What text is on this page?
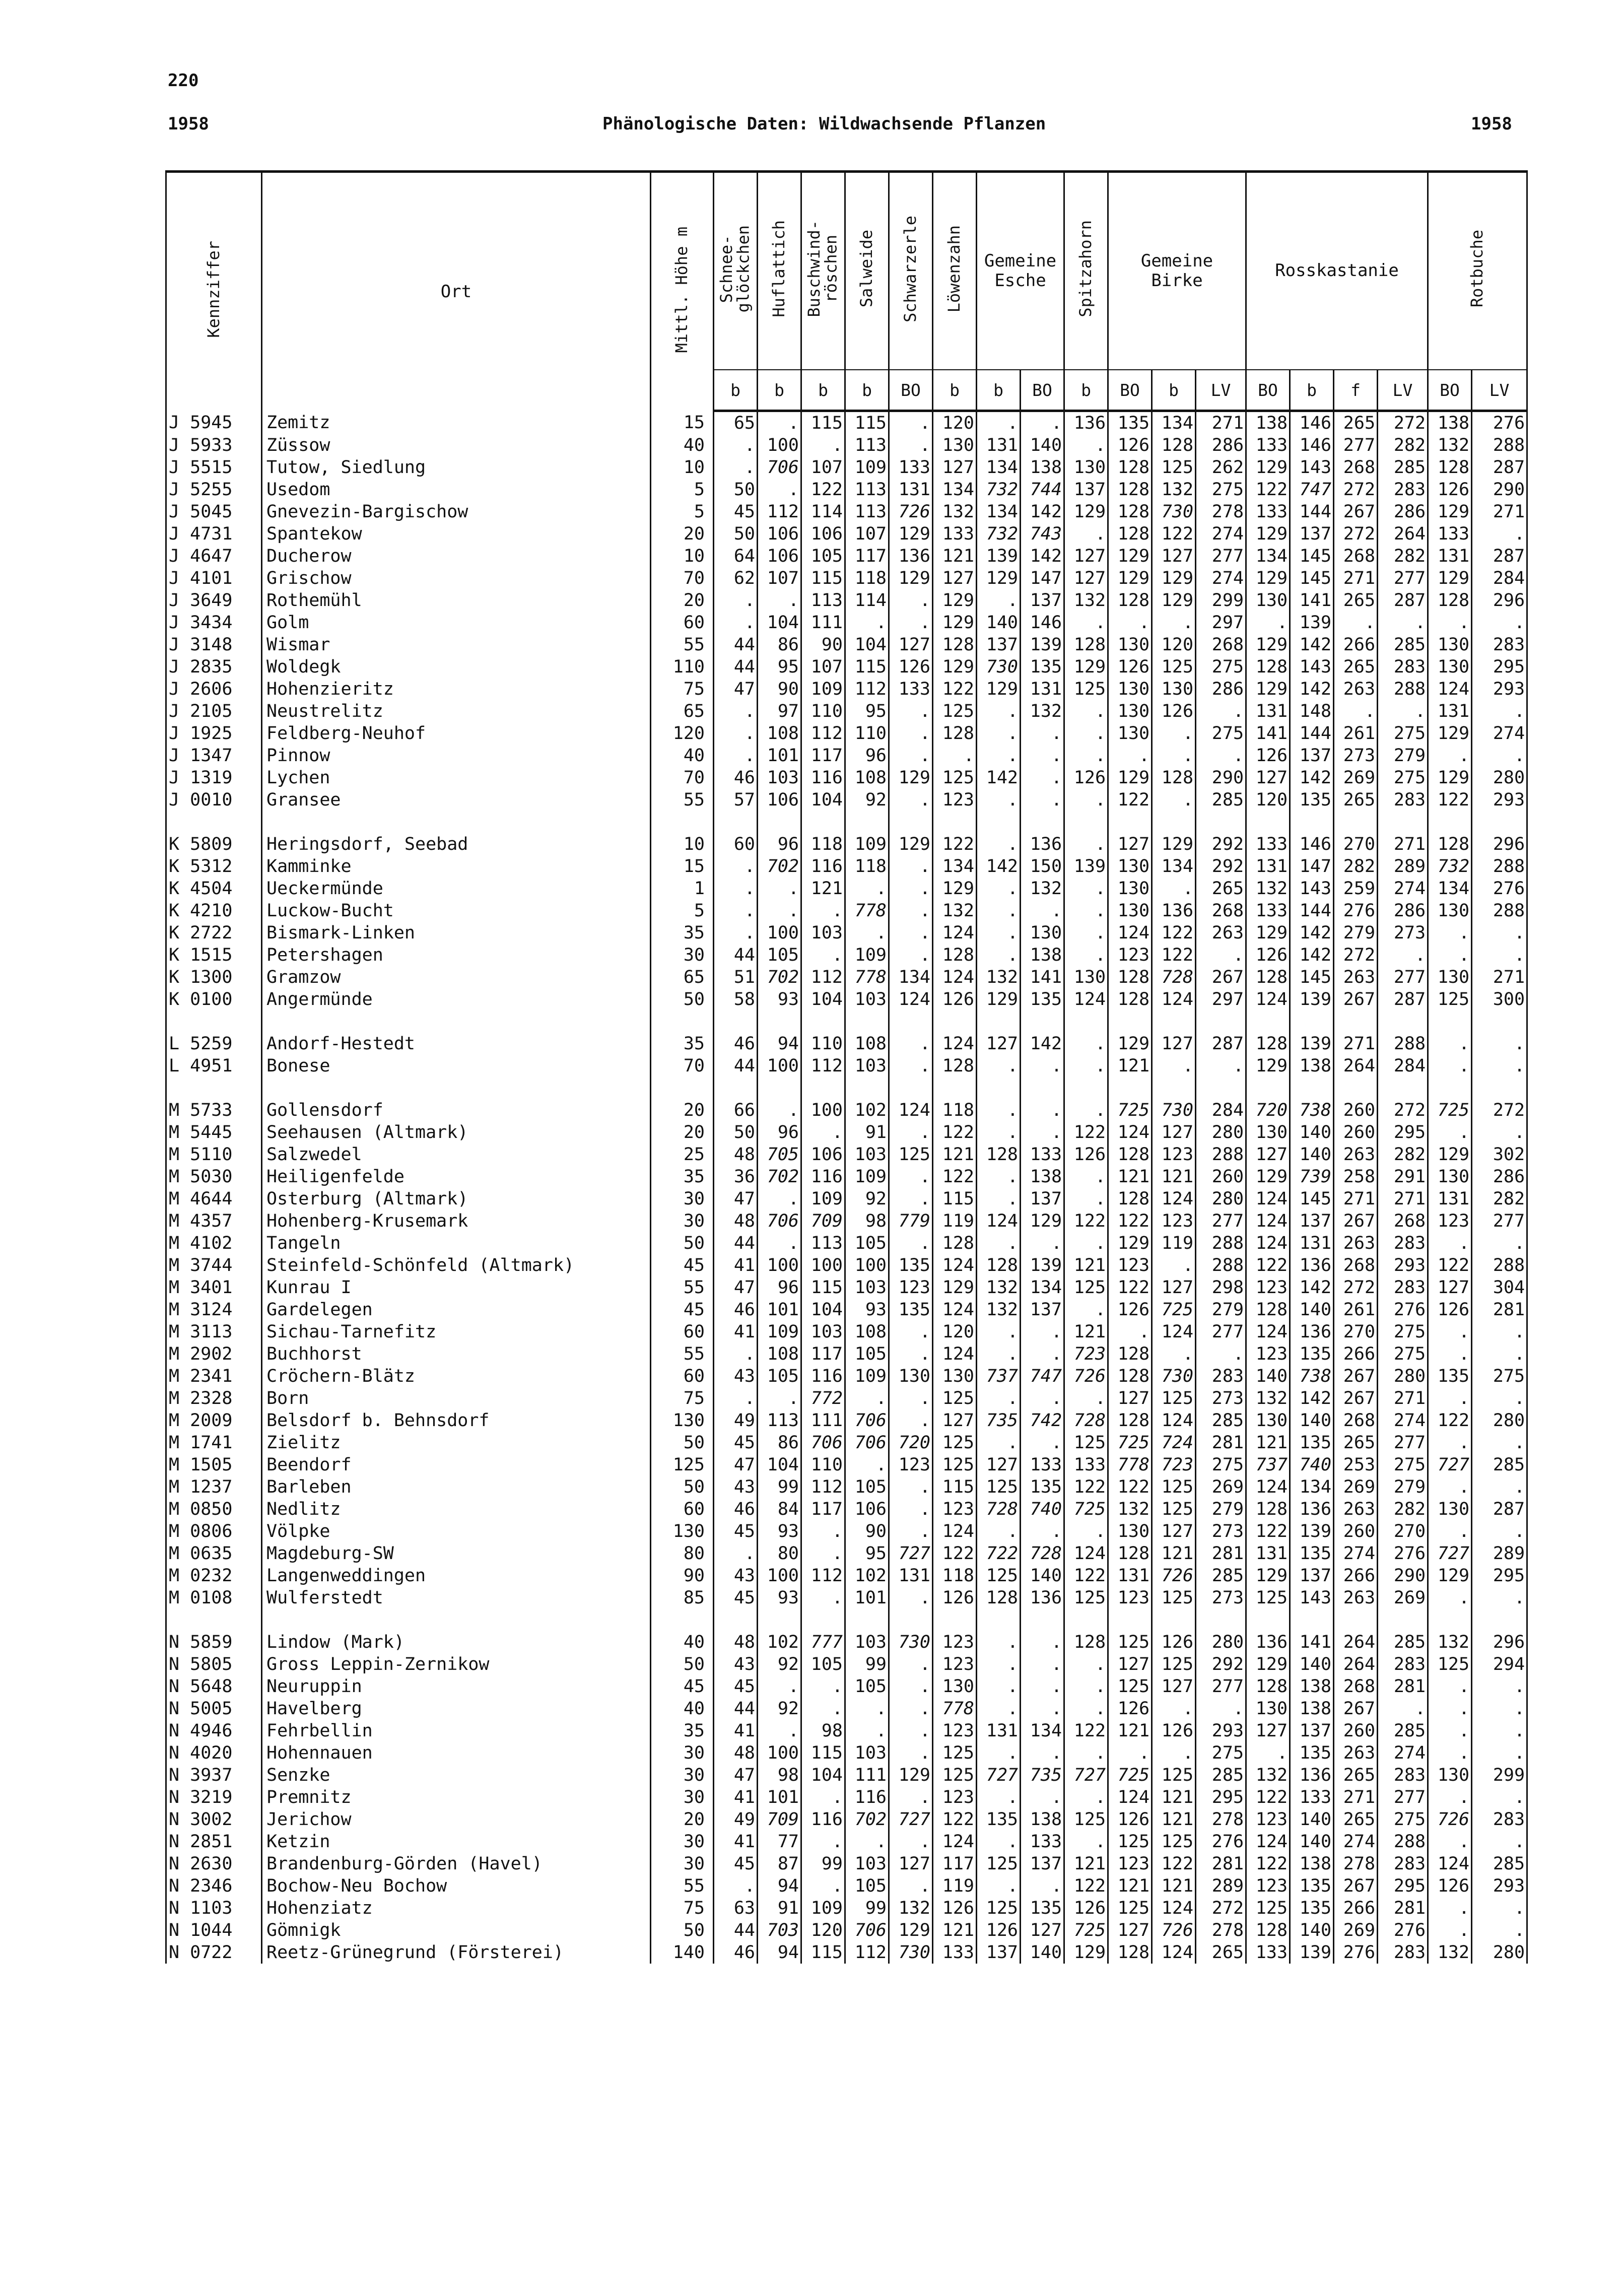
220
1958	Phänologische Daten: Wildwachsende Pflanzen	1958
Kennziffer	Ort	Mittl. Höhe m	Schnee-
glöckchen	Huflattich	Buschwind-
röschen	Salweide	Schwarzerle	Löwenzahn	Gemeine
Esche		Spitzahorn	Gemeine
Birke			Rosskastanie				Rotbuche	
			b	b	b	b	BO	b	b	BO	b	BO	b	LV	BO	b	f	LV	BO	LV
J 5945	Zemitz	15	65	.	115	115	.	120	.	.	136	135	134	271	138	146	265	272	138	276
J 5933	Züssow	40	.	100	.	113	.	130	131	140	.	126	128	286	133	146	277	282	132	288
J 5515	Tutow, Siedlung	10	.	706	107	109	133	127	134	138	130	128	125	262	129	143	268	285	128	287
J 5255	Usedom	5	50	.	122	113	131	134	732	744	137	128	132	275	122	747	272	283	126	290
J 5045	Gnevezin-Bargischow	5	45	112	114	113	726	132	134	142	129	128	730	278	133	144	267	286	129	271
J 4731	Spantekow	20	50	106	106	107	129	133	732	743	.	128	122	274	129	137	272	264	133	.
J 4647	Ducherow	10	64	106	105	117	136	121	139	142	127	129	127	277	134	145	268	282	131	287
J 4101	Grischow	70	62	107	115	118	129	127	129	147	127	129	129	274	129	145	271	277	129	284
J 3649	Rothemühl	20	.	.	113	114	.	129	.	137	132	128	129	299	130	141	265	287	128	296
J 3434	Golm	60	.	104	111	.	.	129	140	146	.	.	.	297	.	139	.	.	.	.
J 3148	Wismar	55	44	86	90	104	127	128	137	139	128	130	120	268	129	142	266	285	130	283
J 2835	Woldegk	110	44	95	107	115	126	129	730	135	129	126	125	275	128	143	265	283	130	295
J 2606	Hohenzieritz	75	47	90	109	112	133	122	129	131	125	130	130	286	129	142	263	288	124	293
J 2105	Neustrelitz	65	.	97	110	95	.	125	.	132	.	130	126	.	131	148	.	.	131	.
J 1925	Feldberg-Neuhof	120	.	108	112	110	.	128	.	.	.	130	.	275	141	144	261	275	129	274
J 1347	Pinnow	40	.	101	117	96	.	.	.	.	.	.	.	.	126	137	273	279	.	.
J 1319	Lychen	70	46	103	116	108	129	125	142	.	126	129	128	290	127	142	269	275	129	280
J 0010	Gransee	55	57	106	104	92	.	123	.	.	.	122	.	285	120	135	265	283	122	293

K 5809	Heringsdorf, Seebad	10	60	96	118	109	129	122	.	136	.	127	129	292	133	146	270	271	128	296
K 5312	Kamminke	15	.	702	116	118	.	134	142	150	139	130	134	292	131	147	282	289	732	288
K 4504	Ueckermünde	1	.	.	121	.	.	129	.	132	.	130	.	265	132	143	259	274	134	276
K 4210	Luckow-Bucht	5	.	.	.	778	.	132	.	.	.	130	136	268	133	144	276	286	130	288
K 2722	Bismark-Linken	35	.	100	103	.	.	124	.	130	.	124	122	263	129	142	279	273	.	.
K 1515	Petershagen	30	44	105	.	109	.	128	.	138	.	123	122	.	126	142	272	.	.	.
K 1300	Gramzow	65	51	702	112	778	134	124	132	141	130	128	728	267	128	145	263	277	130	271
K 0100	Angermünde	50	58	93	104	103	124	126	129	135	124	128	124	297	124	139	267	287	125	300

L 5259	Andorf-Hestedt	35	46	94	110	108	.	124	127	142	.	129	127	287	128	139	271	288	.	.
L 4951	Bonese	70	44	100	112	103	.	128	.	.	.	121	.	.	129	138	264	284	.	.

M 5733	Gollensdorf	20	66	.	100	102	124	118	.	.	.	725	730	284	720	738	260	272	725	272
M 5445	Seehausen (Altmark)	20	50	96	.	91	.	122	.	.	122	124	127	280	130	140	260	295	.	.
M 5110	Salzwedel	25	48	705	106	103	125	121	128	133	126	128	123	288	127	140	263	282	129	302
M 5030	Heiligenfelde	35	36	702	116	109	.	122	.	138	.	121	121	260	129	739	258	291	130	286
M 4644	Osterburg (Altmark)	30	47	.	109	92	.	115	.	137	.	128	124	280	124	145	271	271	131	282
M 4357	Hohenberg-Krusemark	30	48	706	709	98	779	119	124	129	122	122	123	277	124	137	267	268	123	277
M 4102	Tangeln	50	44	.	113	105	.	128	.	.	.	129	119	288	124	131	263	283	.	.
M 3744	Steinfeld-Schönfeld (Altmark)	45	41	100	100	100	135	124	128	139	121	123	.	288	122	136	268	293	122	288
M 3401	Kunrau I	55	47	96	115	103	123	129	132	134	125	122	127	298	123	142	272	283	127	304
M 3124	Gardelegen	45	46	101	104	93	135	124	132	137	.	126	725	279	128	140	261	276	126	281
M 3113	Sichau-Tarnefitz	60	41	109	103	108	.	120	.	.	121	.	124	277	124	136	270	275	.	.
M 2902	Buchhorst	55	.	108	117	105	.	124	.	.	723	128	.	.	123	135	266	275	.	.
M 2341	Cröchern-Blätz	60	43	105	116	109	130	130	737	747	726	128	730	283	140	738	267	280	135	275
M 2328	Born	75	.	.	772	.	.	125	.	.	.	127	125	273	132	142	267	271	.	.
M 2009	Belsdorf b. Behnsdorf	130	49	113	111	706	.	127	735	742	728	128	124	285	130	140	268	274	122	280
M 1741	Zielitz	50	45	86	706	706	720	125	.	.	125	725	724	281	121	135	265	277	.	.
M 1505	Beendorf	125	47	104	110	.	123	125	127	133	133	778	723	275	737	740	253	275	727	285
M 1237	Barleben	50	43	99	112	105	.	115	125	135	122	122	125	269	124	134	269	279	.	.
M 0850	Nedlitz	60	46	84	117	106	.	123	728	740	725	132	125	279	128	136	263	282	130	287
M 0806	Völpke	130	45	93	.	90	.	124	.	.	.	130	127	273	122	139	260	270	.	.
M 0635	Magdeburg-SW	80	.	80	.	95	727	122	722	728	124	128	121	281	131	135	274	276	727	289
M 0232	Langenweddingen	90	43	100	112	102	131	118	125	140	122	131	726	285	129	137	266	290	129	295
M 0108	Wulferstedt	85	45	93	.	101	.	126	128	136	125	123	125	273	125	143	263	269	.	.

N 5859	Lindow (Mark)	40	48	102	777	103	730	123	.	.	128	125	126	280	136	141	264	285	132	296
N 5805	Gross Leppin-Zernikow	50	43	92	105	99	.	123	.	.	.	127	125	292	129	140	264	283	125	294
N 5648	Neuruppin	45	45	.	.	105	.	130	.	.	.	125	127	277	128	138	268	281	.	.
N 5005	Havelberg	40	44	92	.	.	.	778	.	.	.	126	.	.	130	138	267	.	.	.
N 4946	Fehrbellin	35	41	.	98	.	.	123	131	134	122	121	126	293	127	137	260	285	.	.
N 4020	Hohennauen	30	48	100	115	103	.	125	.	.	.	.	.	275	.	135	263	274	.	.
N 3937	Senzke	30	47	98	104	111	129	125	727	735	727	725	125	285	132	136	265	283	130	299
N 3219	Premnitz	30	41	101	.	116	.	123	.	.	.	124	121	295	122	133	271	277	.	.
N 3002	Jerichow	20	49	709	116	702	727	122	135	138	125	126	121	278	123	140	265	275	726	283
N 2851	Ketzin	30	41	77	.	.	.	124	.	133	.	125	125	276	124	140	274	288	.	.
N 2630	Brandenburg-Görden (Havel)	30	45	87	99	103	127	117	125	137	121	123	122	281	122	138	278	283	124	285
N 2346	Bochow-Neu Bochow	55	.	94	.	105	.	119	.	.	122	121	121	289	123	135	267	295	126	293
N 1103	Hohenziatz	75	63	91	109	99	132	126	125	135	126	125	124	272	125	135	266	281	.	.
N 1044	Gömnigk	50	44	703	120	706	129	121	126	127	725	127	726	278	128	140	269	276	.	.
N 0722	Reetz-Grünegrund (Försterei)	140	46	94	115	112	730	133	137	140	129	128	124	265	133	139	276	283	132	280
